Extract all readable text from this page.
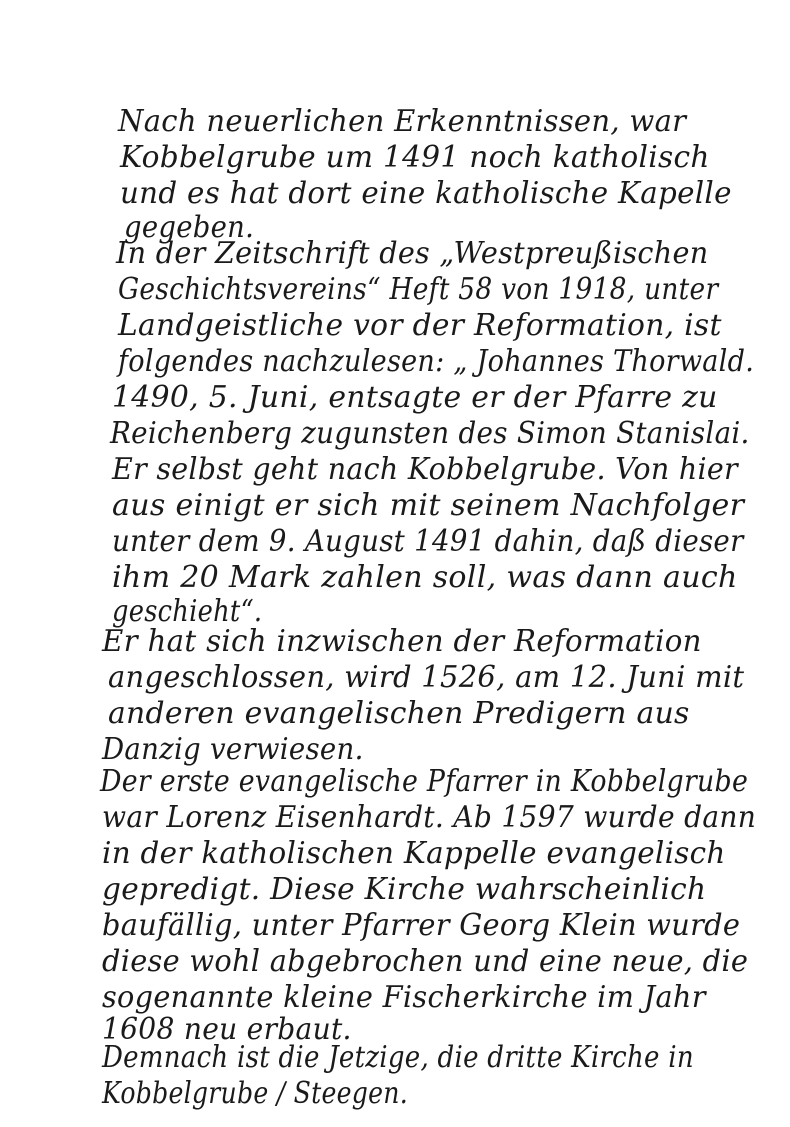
Nach neuerlichen Erkenntnissen, war
Kobbelgrube um 1491 noch katholisch
und es hat dort eine katholische Kapelle
gegeben.
In der Zeitschrift des „Westpreußischen
Geschichtsvereins“ Heft 58 von 1918, unter
Landgeistliche vor der Reformation, ist
folgendes nachzulesen: „ Johannes Thorwald.
1490, 5. Juni, entsagte er der Pfarre zu
Reichenberg zugunsten des Simon Stanislai.
Er selbst geht nach Kobbelgrube. Von hier
aus einigt er sich mit seinem Nachfolger
unter dem 9. August 1491 dahin, daß dieser
ihm 20 Mark zahlen soll, was dann auch
geschieht“.
Er hat sich inzwischen der Reformation
angeschlossen, wird 1526, am 12. Juni mit
anderen evangelischen Predigern aus
Danzig verwiesen.
Der erste evangelische Pfarrer in Kobbelgrube
war Lorenz Eisenhardt. Ab 1597 wurde dann
in der katholischen Kappelle evangelisch
gepredigt. Diese Kirche wahrscheinlich
baufällig, unter Pfarrer Georg Klein wurde
diese wohl abgebrochen und eine neue, die
sogenannte kleine Fischerkirche im Jahr
1608 neu erbaut.
Demnach ist die Jetzige, die dritte Kirche in
Kobbelgrube / Steegen.
